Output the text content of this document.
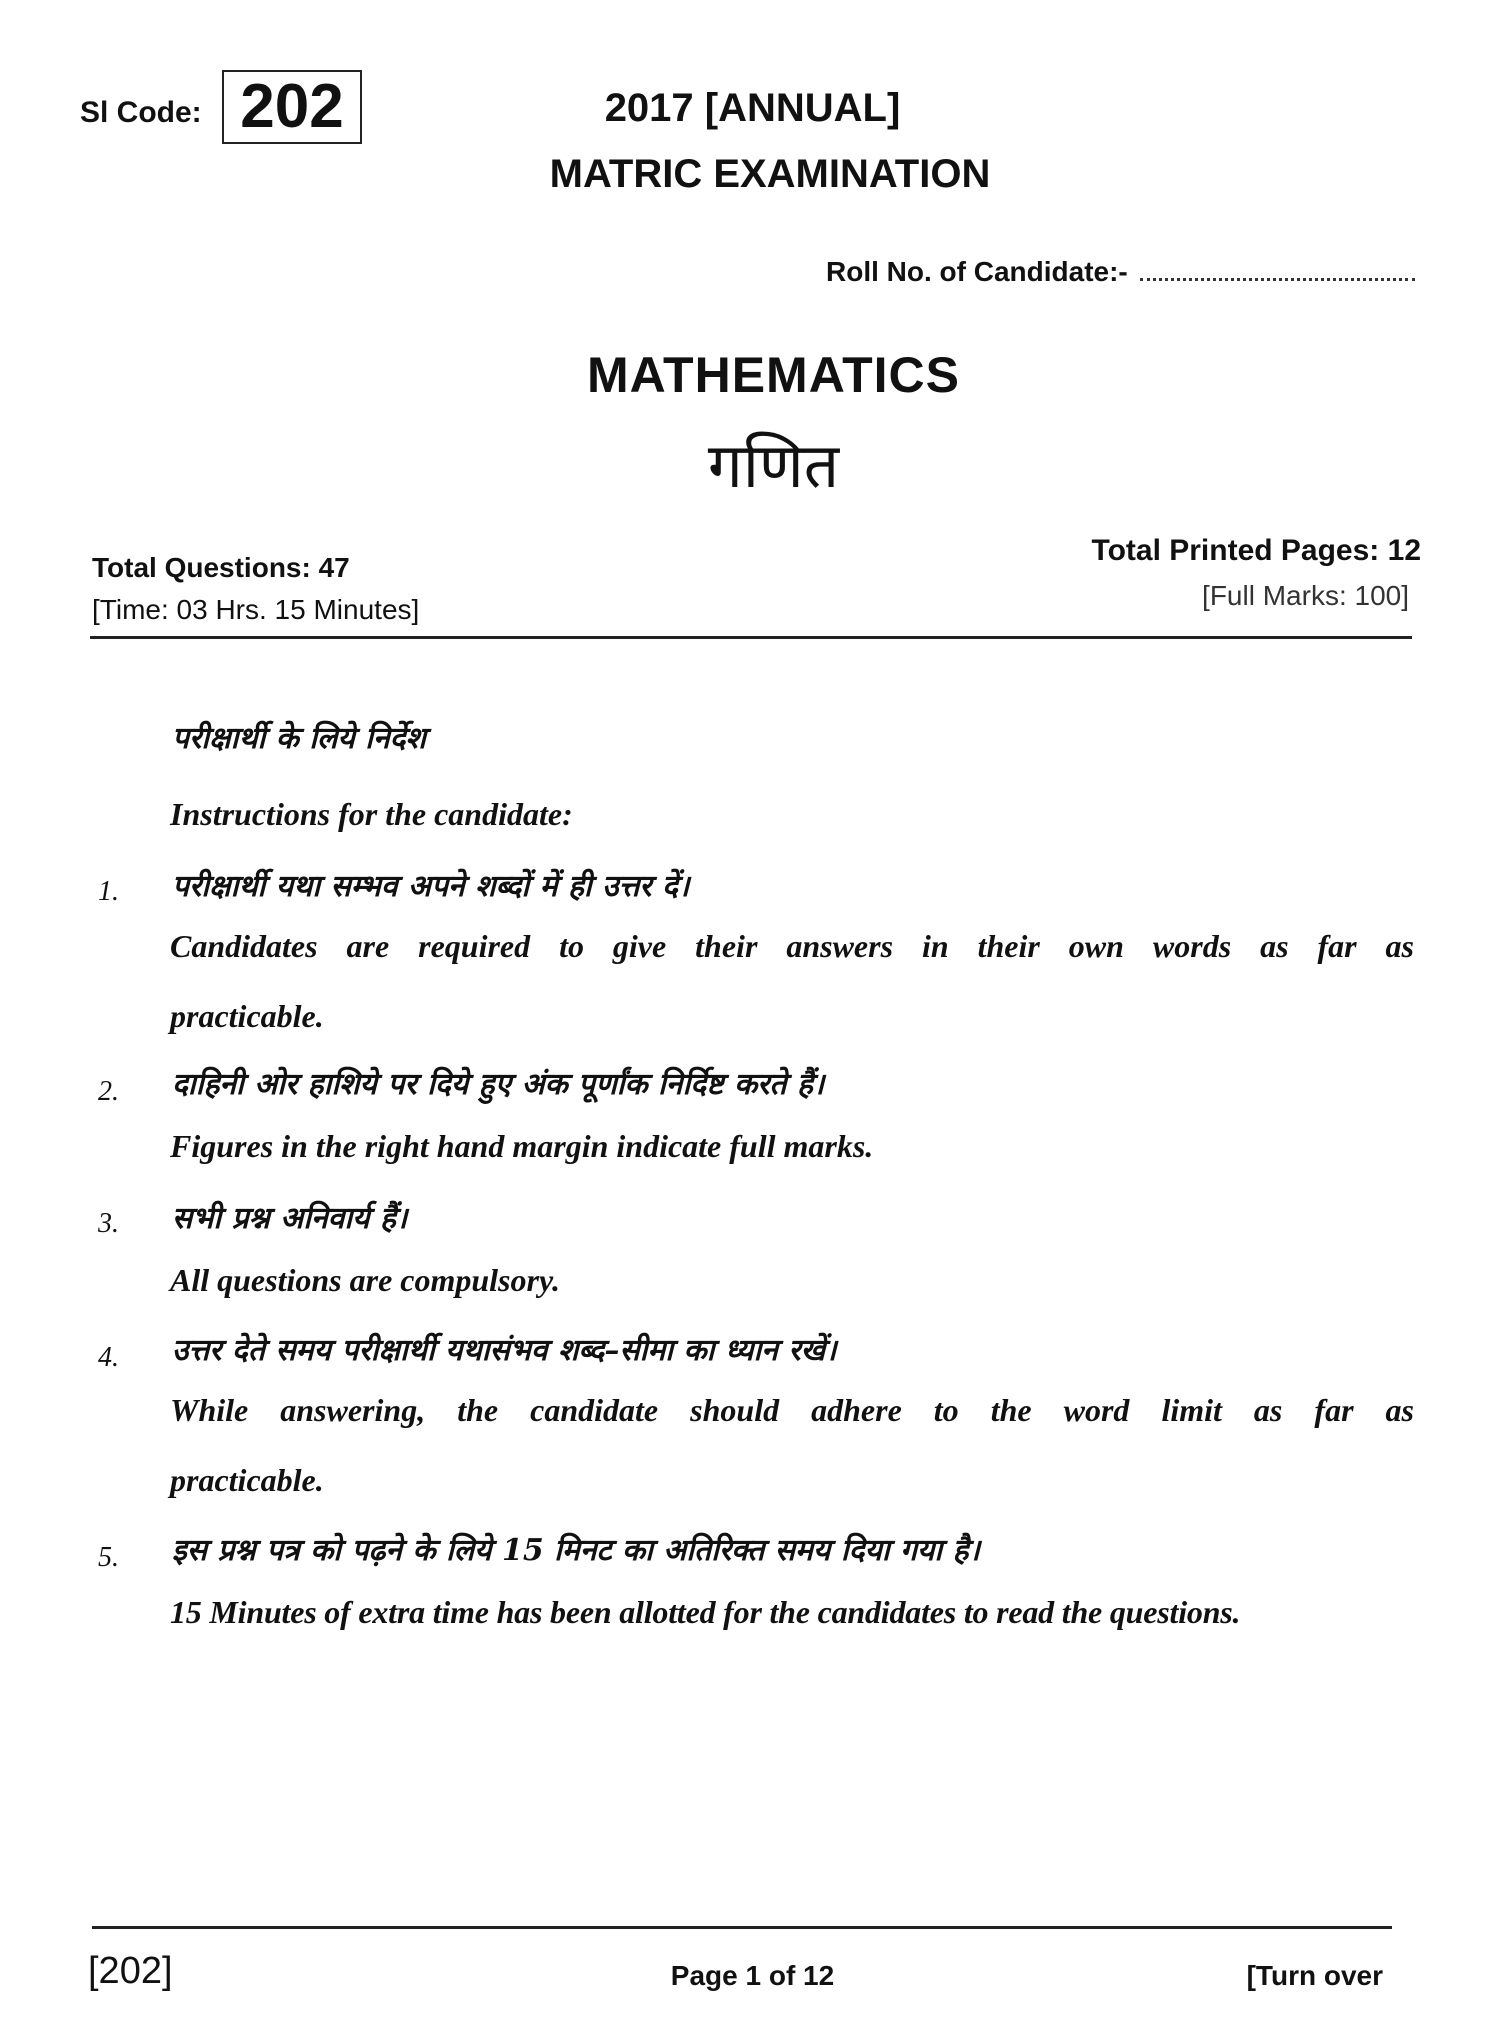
Sl Code: 202	2017 [ANNUAL]
MATRIC EXAMINATION
Roll No. of Candidate:-
MATHEMATICS
गणित
Total Questions: 47
[Time: 03 Hrs. 15 Minutes]
Total Printed Pages: 12
[Full Marks: 100]
परीक्षार्थी के लिये निर्देश
Instructions for the candidate:
1. परीक्षार्थी यथा सम्भव अपने शब्दों में ही उत्तर दें।
Candidates are required to give their answers in their own words as far as
practicable.
2. दाहिनी ओर हाशिये पर दिये हुए अंक पूर्णांक निर्दिष्ट करते हैं।
Figures in the right hand margin indicate full marks.
3. सभी प्रश्न अनिवार्य हैं।
All questions are compulsory.
4. उत्तर देते समय परीक्षार्थी यथासंभव शब्द–सीमा का ध्यान रखें।
While answering, the candidate should adhere to the word limit as far as
practicable.
5. इस प्रश्न पत्र को पढ़ने के लिये 15 मिनट का अतिरिक्त समय दिया गया है।
15 Minutes of extra time has been allotted for the candidates to read the questions.
[202]	Page 1 of 12	[Turn over
